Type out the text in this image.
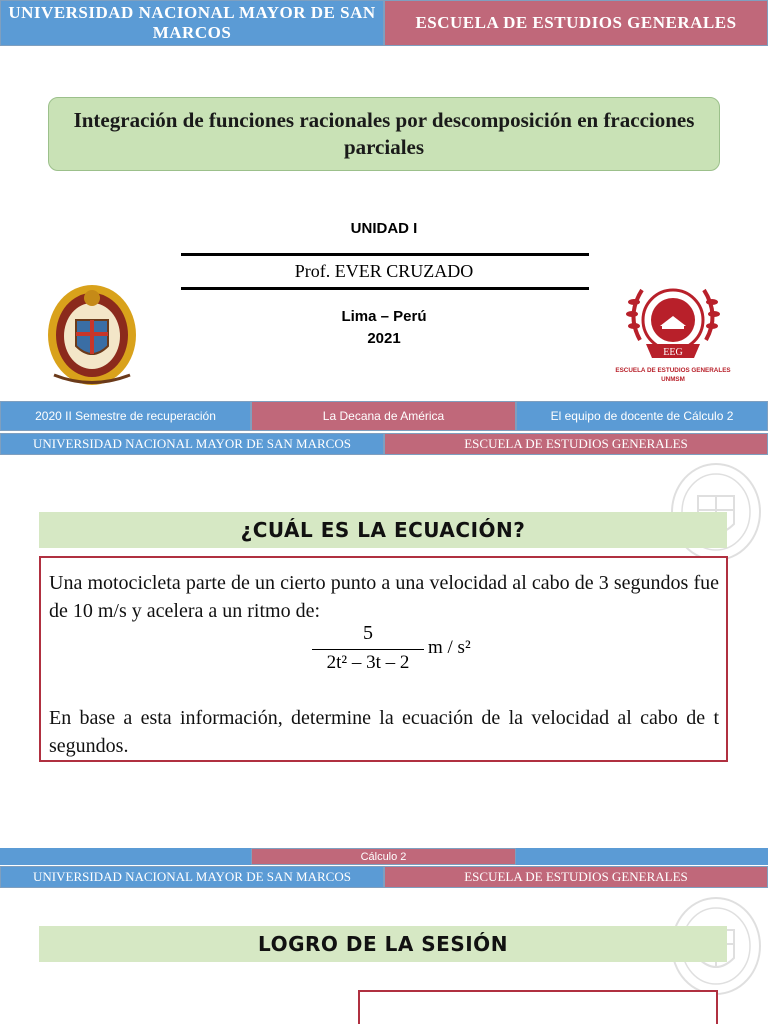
UNIVERSIDAD NACIONAL MAYOR DE SAN MARCOS
ESCUELA DE ESTUDIOS GENERALES
Integración de funciones racionales por descomposición en fracciones parciales
UNIDAD I
Prof. EVER CRUZADO
Lima – Perú
2021
EEG
ESCUELA DE ESTUDIOS GENERALES
UNMSM
2020 II Semestre de recuperación	La Decana de América	El equipo de docente de Cálculo 2
UNIVERSIDAD NACIONAL MAYOR DE SAN MARCOS	ESCUELA DE ESTUDIOS GENERALES
¿CUÁL ES LA ECUACIÓN?
Una motocicleta parte de un cierto punto a una velocidad al cabo de 3 segundos fue de 10 m/s y acelera a un ritmo de:
5
2t² – 3t – 2
m / s²
En base a esta información, determine la ecuación de la velocidad al cabo de t segundos.
Cálculo 2
UNIVERSIDAD NACIONAL MAYOR DE SAN MARCOS	ESCUELA DE ESTUDIOS GENERALES
LOGRO DE LA SESIÓN
